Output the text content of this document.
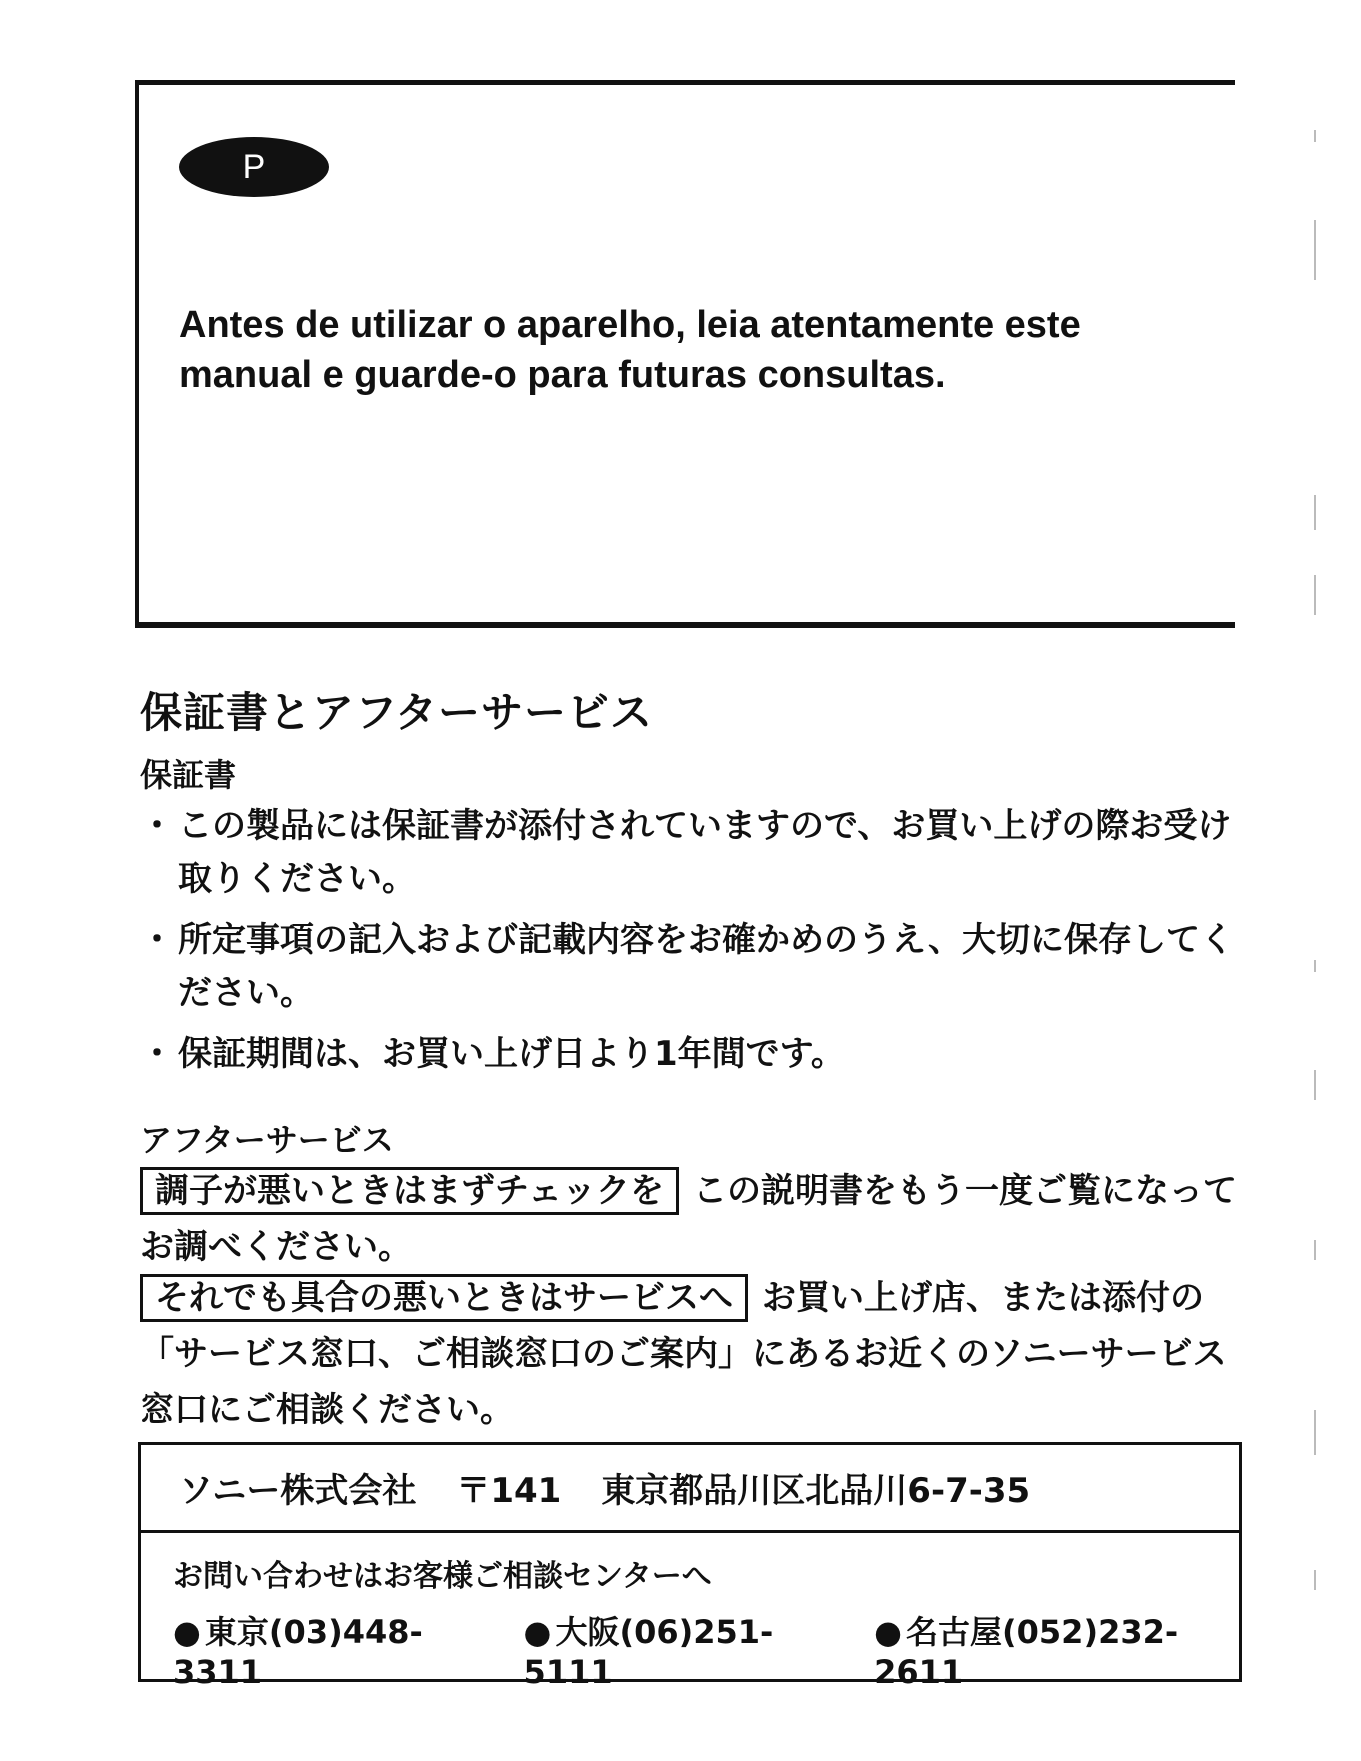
P
Antes de utilizar o aparelho, leia atentamente este
manual e guarde-o para futuras consultas.
保証書とアフターサービス
保証書
・ この製品には保証書が添付されていますので、お買い上げの際お受け取りください。
・ 所定事項の記入および記載内容をお確かめのうえ、大切に保存してください。
・ 保証期間は、お買い上げ日より1年間です。
アフターサービス
調子が悪いときはまずチェックを この説明書をもう一度ご覧になってお調べください。
それでも具合の悪いときはサービスへ お買い上げ店、または添付の「サービス窓口、ご相談窓口のご案内」にあるお近くのソニーサービス窓口にご相談ください。
ソニー株式会社 〒141 東京都品川区北品川6-7-35
お問い合わせはお客様ご相談センターへ
● 東京(03)448-3311
● 大阪(06)251-5111
● 名古屋(052)232-2611
